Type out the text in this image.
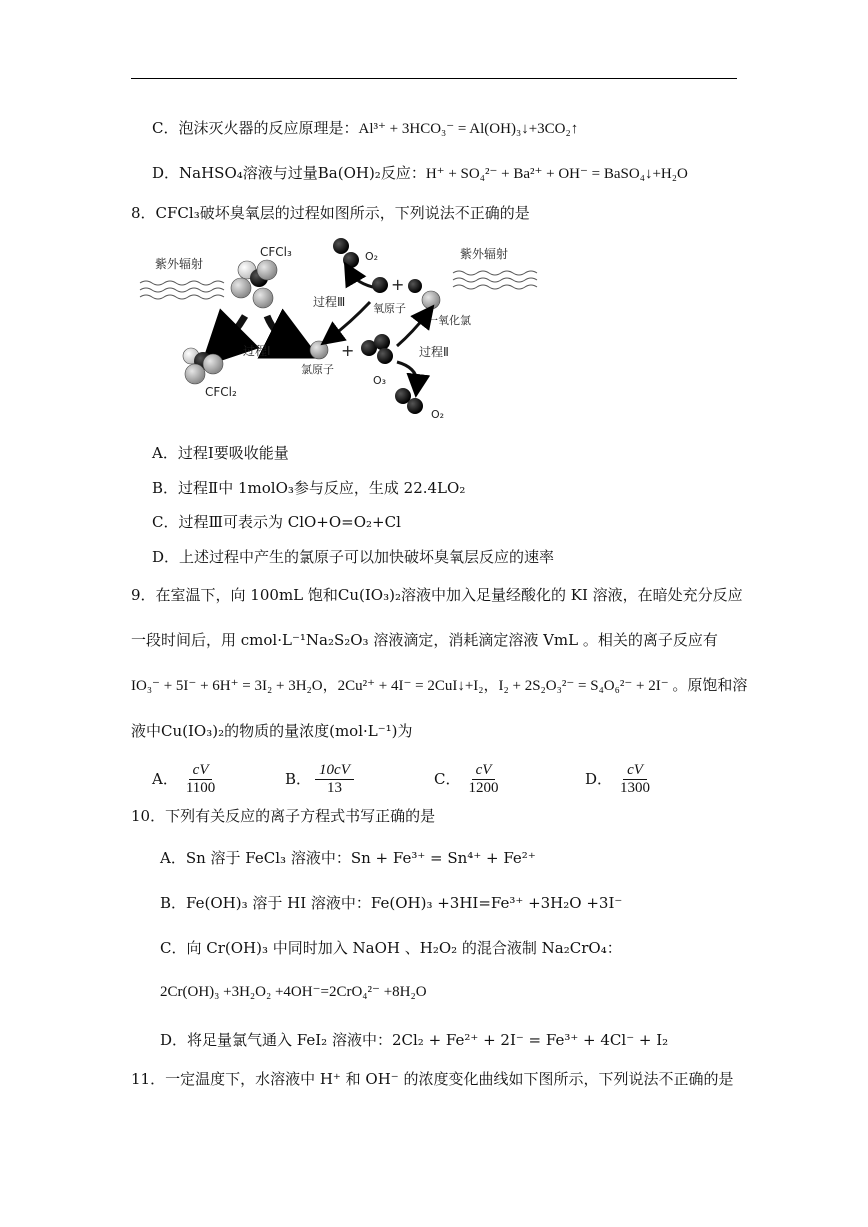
C．泡沫灭火器的反应原理是：Al³⁺ + 3HCO₃⁻ = Al(OH)₃↓+3CO₂↑
D．NaHSO₄溶液与过量Ba(OH)₂反应：H⁺ + SO₄²⁻ + Ba²⁺ + OH⁻ = BaSO₄↓+H₂O
8．CFCl₃破坏臭氧层的过程如图所示，下列说法不正确的是
紫外辐射
CFCl₃
过程Ⅰ
CFCl₂
氯原子
+
O₃
O₂
+
氧原子
过程Ⅲ
一氧化氯
过程Ⅱ
O₂
紫外辐射
A．过程Ⅰ要吸收能量
B．过程Ⅱ中 1molO₃参与反应，生成 22.4LO₂
C．过程Ⅲ可表示为 ClO+O=O₂+Cl
D．上述过程中产生的氯原子可以加快破坏臭氧层反应的速率
9．在室温下，向 100mL 饱和Cu(IO₃)₂溶液中加入足量经酸化的 KI 溶液，在暗处充分反应
一段时间后，用 cmol·L⁻¹Na₂S₂O₃ 溶液滴定，消耗滴定溶液 VmL 。相关的离子反应有
IO₃⁻ + 5I⁻ + 6H⁺ = 3I₂ + 3H₂O，2Cu²⁺ + 4I⁻ = 2CuI↓+I₂，I₂ + 2S₂O₃²⁻ = S₄O₆²⁻ + 2I⁻ 。原饱和溶
液中Cu(IO₃)₂的物质的量浓度(mol·L⁻¹)为
A． $\frac{cV}{1100}$	B． $\frac{10cV}{13}$	C． $\frac{cV}{1200}$	D． $\frac{cV}{1300}$
10．下列有关反应的离子方程式书写正确的是
A．Sn 溶于 FeCl₃ 溶液中：Sn + Fe³⁺ = Sn⁴⁺ + Fe²⁺
B．Fe(OH)₃ 溶于 HI 溶液中：Fe(OH)₃ +3HI=Fe³⁺ +3H₂O +3I⁻
C．向 Cr(OH)₃ 中同时加入 NaOH 、H₂O₂ 的混合液制 Na₂CrO₄：
2Cr(OH)₃ +3H₂O₂ +4OH⁻=2CrO₄²⁻ +8H₂O
D．将足量氯气通入 FeI₂ 溶液中：2Cl₂ + Fe²⁺ + 2I⁻ = Fe³⁺ + 4Cl⁻ + I₂
11．一定温度下，水溶液中 H⁺ 和 OH⁻ 的浓度变化曲线如下图所示，下列说法不正确的是
